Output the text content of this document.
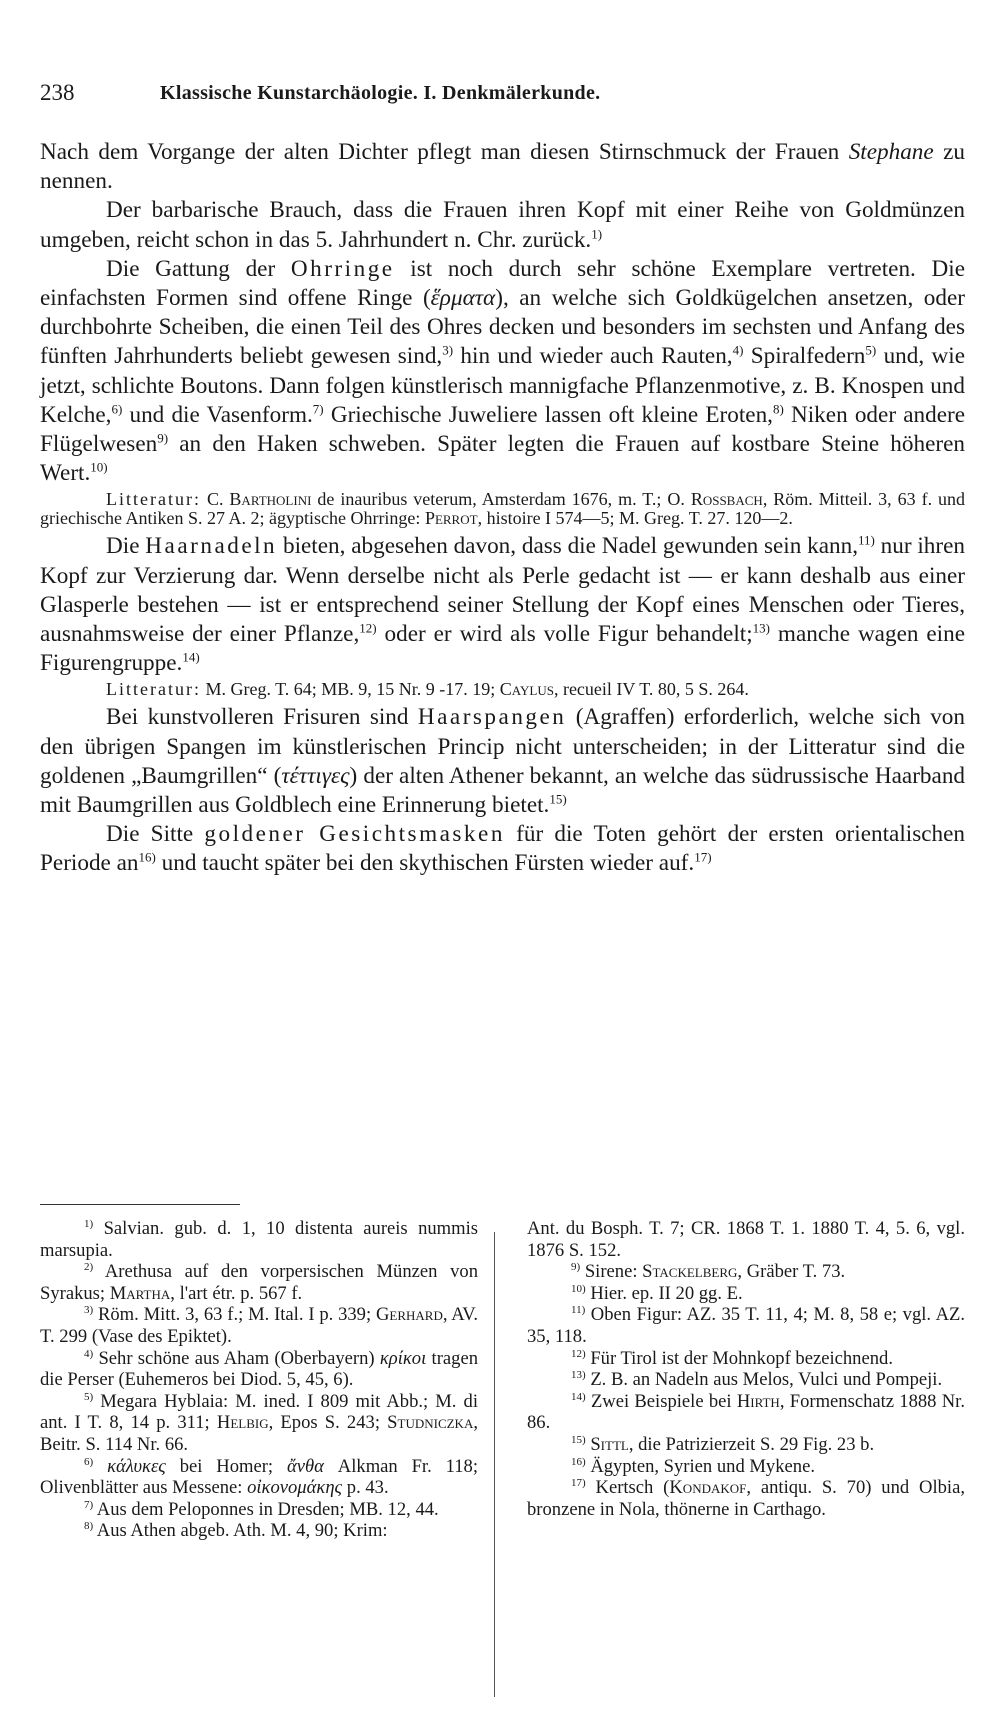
238	Klassische Kunstarchäologie. I. Denkmälerkunde.

Nach dem Vorgange der alten Dichter pflegt man diesen Stirnschmuck der Frauen Stephane zu nennen.

Der barbarische Brauch, dass die Frauen ihren Kopf mit einer Reihe von Goldmünzen umgeben, reicht schon in das 5. Jahrhundert n. Chr. zurück.$^{1)}$

Die Gattung der Ohrringe ist noch durch sehr schöne Exemplare vertreten. Die einfachsten Formen sind offene Ringe (ἕρματα), an welche sich Goldkügelchen ansetzen, oder durchbohrte Scheiben, die einen Teil des Ohres decken und besonders im sechsten und Anfang des fünften Jahrhunderts beliebt gewesen sind,$^{3)}$ hin und wieder auch Rauten,$^{4)}$ Spiralfedern$^{5)}$ und, wie jetzt, schlichte Boutons. Dann folgen künstlerisch mannigfache Pflanzenmotive, z. B. Knospen und Kelche,$^{6)}$ und die Vasenform.$^{7)}$ Griechische Juweliere lassen oft kleine Eroten,$^{8)}$ Niken oder andere Flügelwesen$^{9)}$ an den Haken schweben. Später legten die Frauen auf kostbare Steine höheren Wert.$^{10)}$

Litteratur: C. Bartholini de inauribus veterum, Amsterdam 1676, m. T.; O. Rossbach, Röm. Mitteil. 3, 63 f. und griechische Antiken S. 27 A. 2; ägyptische Ohrringe: Perrot, histoire I 574—5; M. Greg. T. 27. 120—2.

Die Haarnadeln bieten, abgesehen davon, dass die Nadel gewunden sein kann,$^{11)}$ nur ihren Kopf zur Verzierung dar. Wenn derselbe nicht als Perle gedacht ist — er kann deshalb aus einer Glasperle bestehen — ist er entsprechend seiner Stellung der Kopf eines Menschen oder Tieres, ausnahmsweise der einer Pflanze,$^{12)}$ oder er wird als volle Figur behandelt;$^{13)}$ manche wagen eine Figurengruppe.$^{14)}$

Litteratur: M. Greg. T. 64; MB. 9, 15 Nr. 9 -17. 19; Caylus, recueil IV T. 80, 5 S. 264.

Bei kunstvolleren Frisuren sind Haarspangen (Agraffen) erforderlich, welche sich von den übrigen Spangen im künstlerischen Princip nicht unterscheiden; in der Litteratur sind die goldenen „Baumgrillen“ (τέττιγες) der alten Athener bekannt, an welche das südrussische Haarband mit Baumgrillen aus Goldblech eine Erinnerung bietet.$^{15)}$

Die Sitte goldener Gesichtsmasken für die Toten gehört der ersten orientalischen Periode $an^{16)}$ und taucht später bei den skythischen Fürsten wieder auf.$^{17)}$

$^{1)}$ Salvian. gub. d. 1, 10 distenta aureis nummis marsupia.

$^{2)}$ Arethusa auf den vorpersischen Münzen von Syrakus; Martha, l'art étr. p. 567 f.

$^{3)}$ Röm. Mitt. 3, 63 f.; M. Ital. I p. 339; Gerhard, AV. T. 299 (Vase des Epiktet).

$^{4)}$ Sehr schöne aus Aham (Oberbayern) κρίκοι tragen die Perser (Euhemeros bei Diod. 5, 45, 6).

$^{5)}$ Megara Hyblaia: M. ined. I 809 mit Abb.; M. di ant. I T. 8, 14 p. 311; Helbig, Epos S. 243; Studniczka, Beitr. S. 114 Nr. 66.

$^{6)}$ κάλυκες bei Homer; ἄνθα Alkman Fr. 118; Olivenblätter aus Messene: οἰκονομάκης p. 43.

$^{7)}$ Aus dem Peloponnes in Dresden; MB. 12, 44.

$^{8)}$ Aus Athen abgeb. Ath. M. 4, 90; Krim:

Ant. du Bosph. T. 7; CR. 1868 T. 1. 1880 T. 4, 5. 6, vgl. 1876 S. 152.

$^{9)}$ Sirene: Stackelberg, Gräber T. 73.

$^{10)}$ Hier. ep. II 20 gg. E.

$^{11)}$ Oben Figur: AZ. 35 T. 11, 4; M. 8, 58 e; vgl. AZ. 35, 118.

$^{12)}$ Für Tirol ist der Mohnkopf bezeichnend.

$^{13)}$ Z. B. an Nadeln aus Melos, Vulci und Pompeji.

$^{14)}$ Zwei Beispiele bei Hirth, Formenschatz 1888 Nr. 86.

$^{15)}$ Sittl, die Patrizierzeit S. 29 Fig. 23 b.

$^{16)}$ Ägypten, Syrien und Mykene.

$^{17)}$ Kertsch (Kondakof, antiqu. S. 70) und Olbia, bronzene in Nola, thönerne in Carthago.
